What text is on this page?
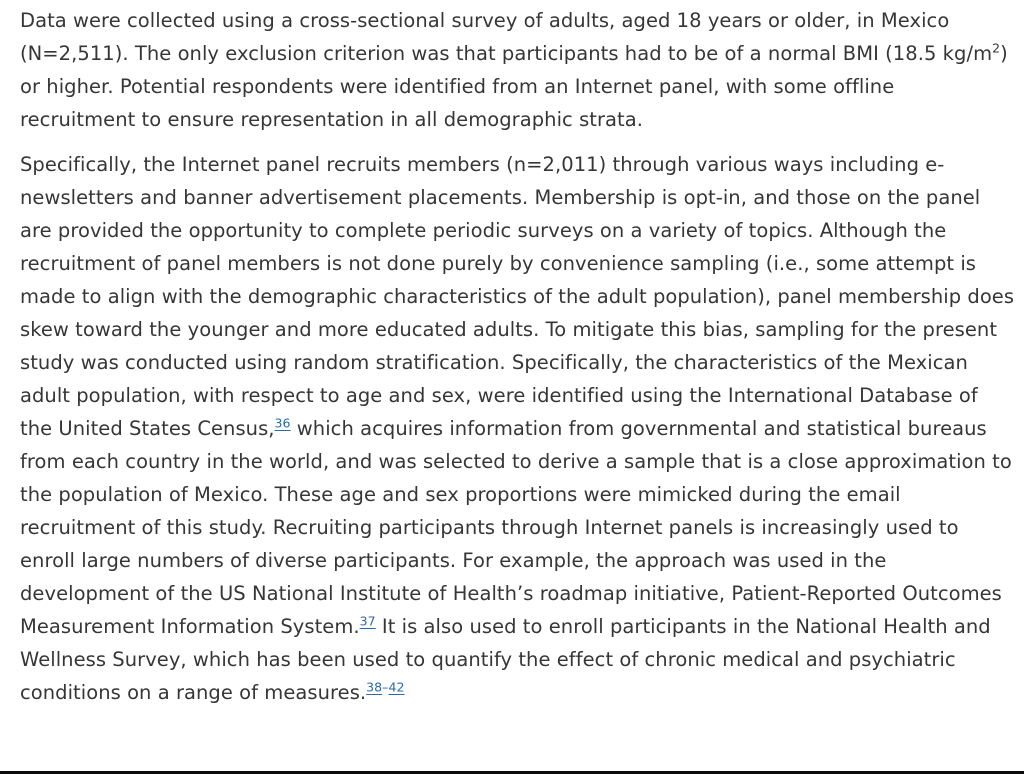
Data were collected using a cross-sectional survey of adults, aged 18 years or older, in Mexico (N=2,511). The only exclusion criterion was that participants had to be of a normal BMI (18.5 $kg/m^2$) or higher. Potential respondents were identified from an Internet panel, with some offline recruitment to ensure representation in all demographic strata.

Specifically, the Internet panel recruits members (n=2,011) through various ways including e-newsletters and banner advertisement placements. Membership is opt-in, and those on the panel are provided the opportunity to complete periodic surveys on a variety of topics. Although the recruitment of panel members is not done purely by convenience sampling (i.e., some attempt is made to align with the demographic characteristics of the adult population), panel membership does skew toward the younger and more educated adults. To mitigate this bias, sampling for the present study was conducted using random stratification. Specifically, the characteristics of the Mexican adult population, with respect to age and sex, were identified using the International Database of the United States Census,$^{36}$ which acquires information from governmental and statistical bureaus from each country in the world, and was selected to derive a sample that is a close approximation to the population of Mexico. These age and sex proportions were mimicked during the email recruitment of this study. Recruiting participants through Internet panels is increasingly used to enroll large numbers of diverse participants. For example, the approach was used in the development of the US National Institute of Health’s roadmap initiative, Patient-Reported Outcomes Measurement Information System.$^{37}$ It is also used to enroll participants in the National Health and Wellness Survey, which has been used to quantify the effect of chronic medical and psychiatric conditions on a range of measures.$^{38-42}$
